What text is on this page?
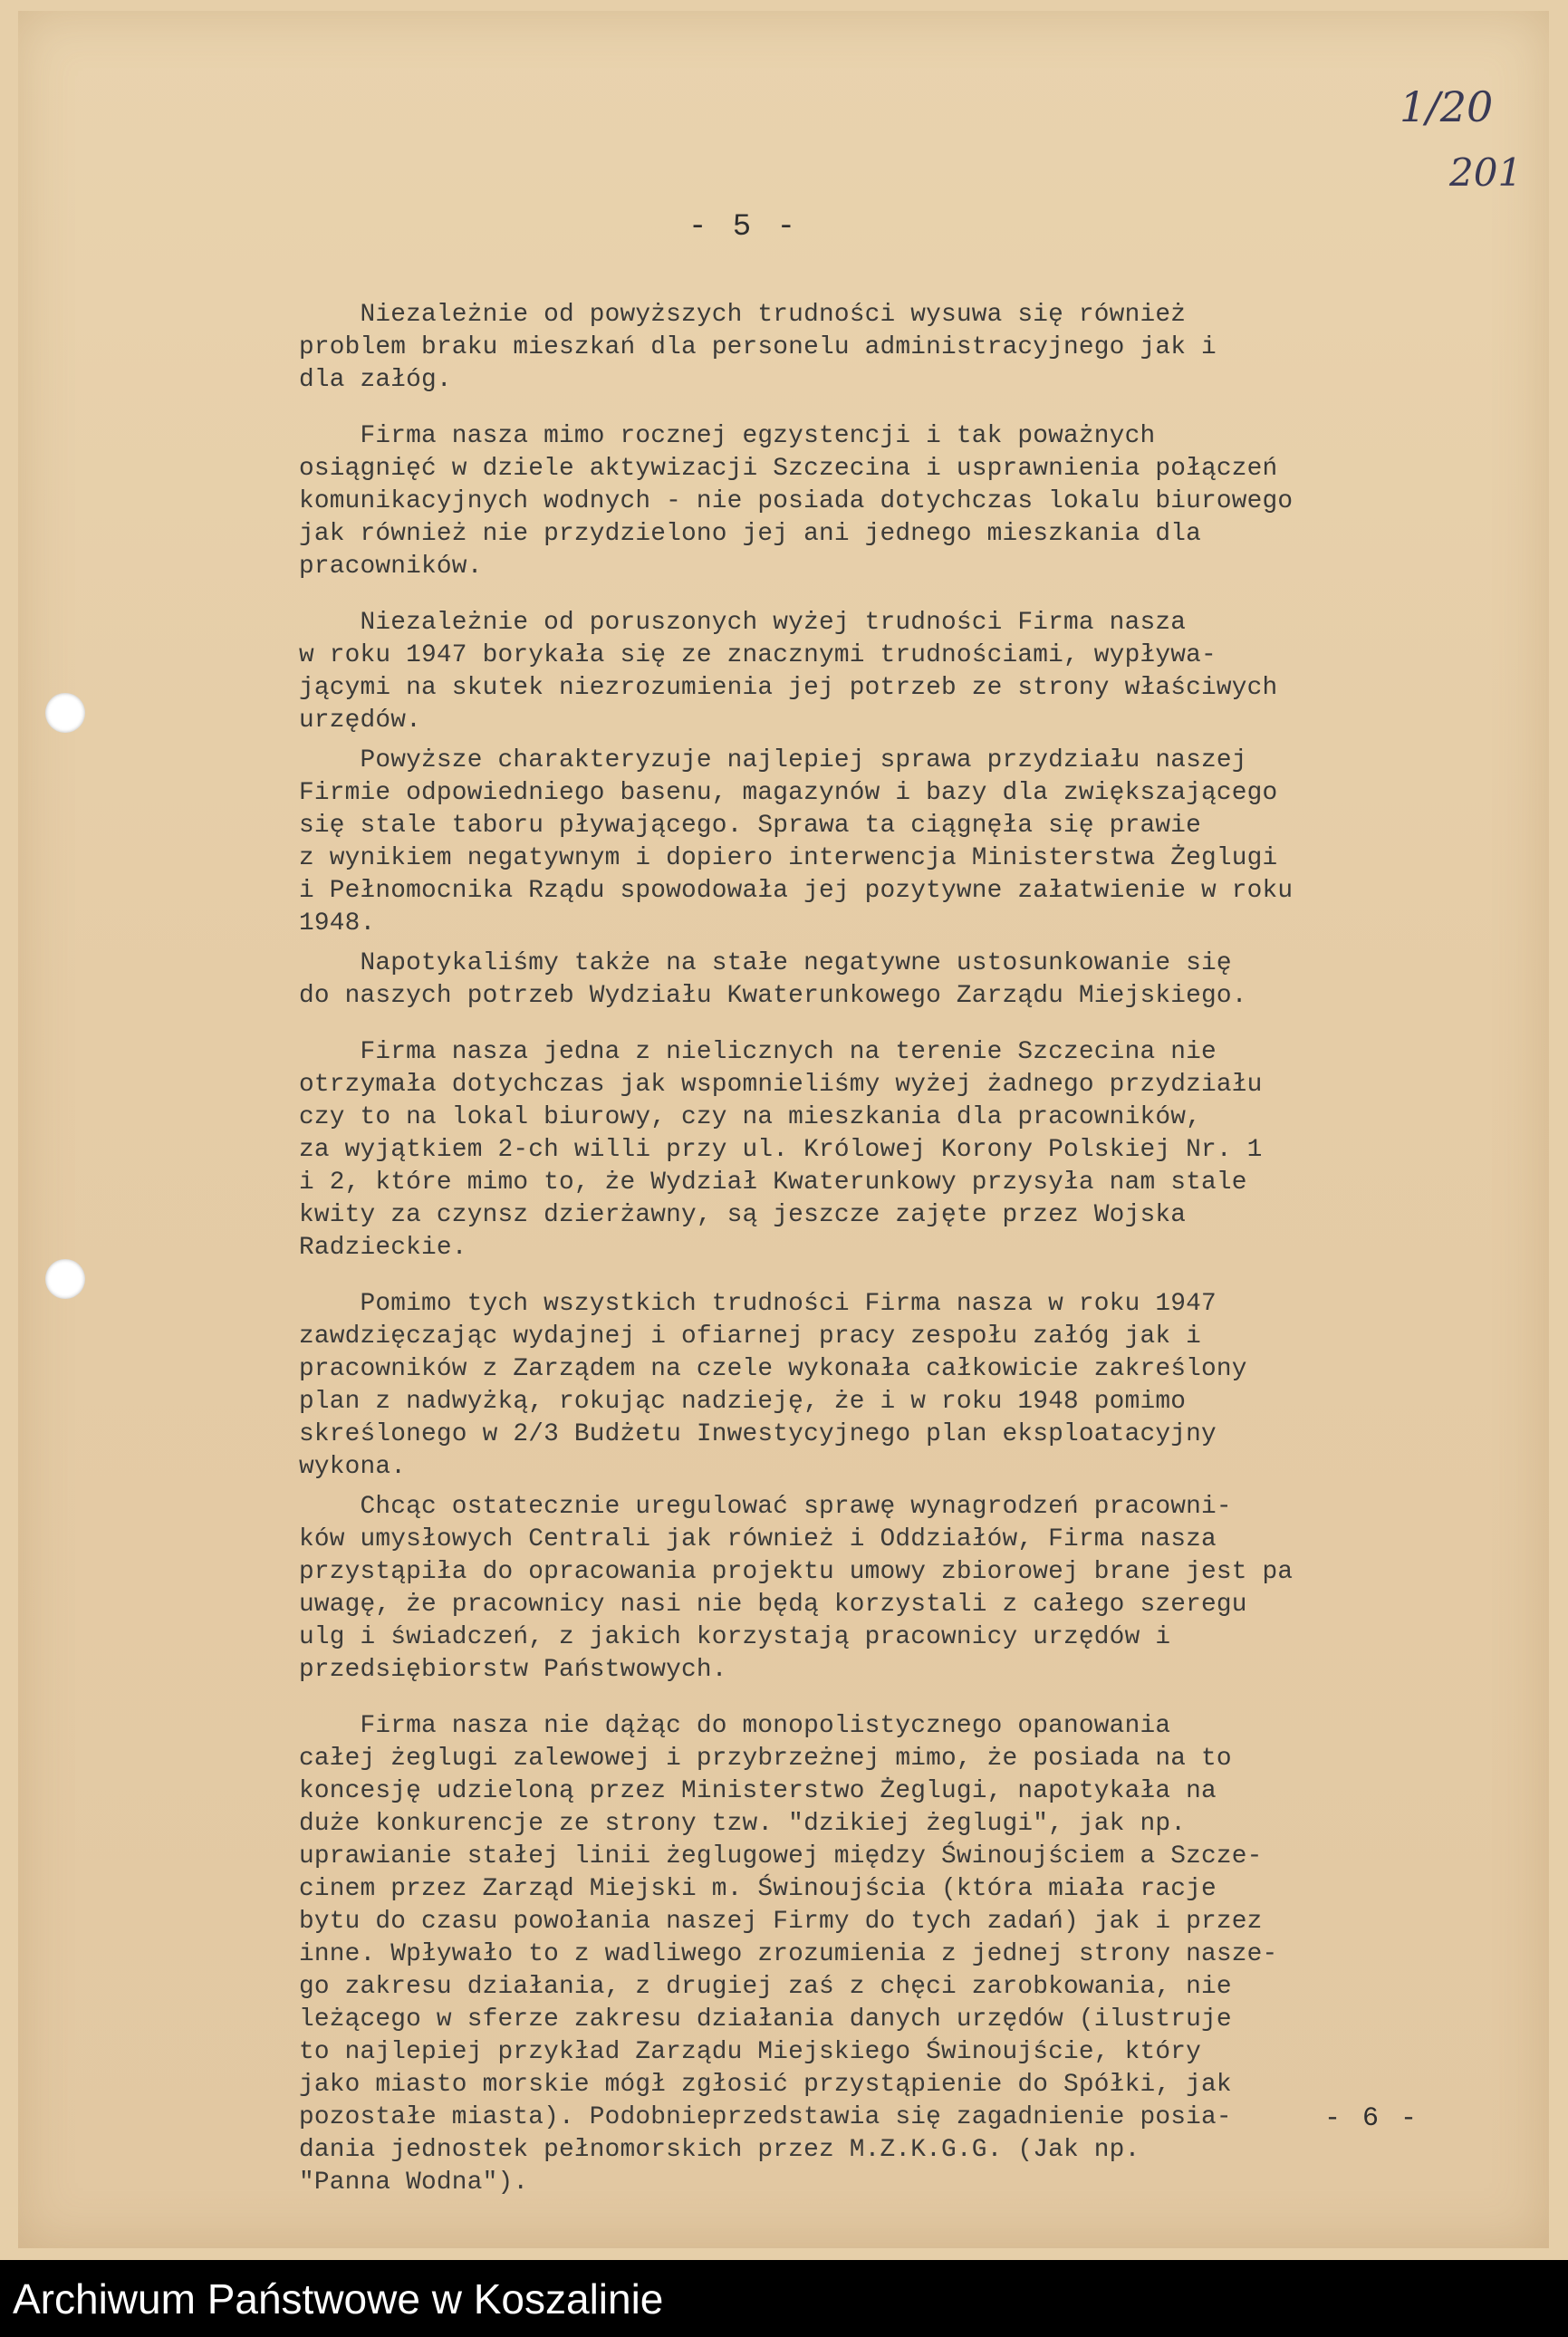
1/20
201
- 5 -
Niezależnie od powyższych trudności wysuwa się również
problem braku mieszkań dla personelu administracyjnego jak i
dla załóg.
Firma nasza mimo rocznej egzystencji i tak poważnych
osiągnięć w dziele aktywizacji Szczecina i usprawnienia połączeń
komunikacyjnych wodnych - nie posiada dotychczas lokalu biurowego
jak również nie przydzielono jej ani jednego mieszkania dla
pracowników.
Niezależnie od poruszonych wyżej trudności Firma nasza
w roku 1947 borykała się ze znacznymi trudnościami, wypływa-
jącymi na skutek niezrozumienia jej potrzeb ze strony właściwych
urzędów.
Powyższe charakteryzuje najlepiej sprawa przydziału naszej
Firmie odpowiedniego basenu, magazynów i bazy dla zwiększającego
się stale taboru pływającego. Sprawa ta ciągnęła się prawie
z wynikiem negatywnym i dopiero interwencja Ministerstwa Żeglugi
i Pełnomocnika Rządu spowodowała jej pozytywne załatwienie w roku
1948.
Napotykaliśmy także na stałe negatywne ustosunkowanie się
do naszych potrzeb Wydziału Kwaterunkowego Zarządu Miejskiego.
Firma nasza jedna z nielicznych na terenie Szczecina nie
otrzymała dotychczas jak wspomnieliśmy wyżej żadnego przydziału
czy to na lokal biurowy, czy na mieszkania dla pracowników,
za wyjątkiem 2-ch willi przy ul. Królowej Korony Polskiej Nr. 1
i 2, które mimo to, że Wydział Kwaterunkowy przysyła nam stale
kwity za czynsz dzierżawny, są jeszcze zajęte przez Wojska
Radzieckie.
Pomimo tych wszystkich trudności Firma nasza w roku 1947
zawdzięczając wydajnej i ofiarnej pracy zespołu załóg jak i
pracowników z Zarządem na czele wykonała całkowicie zakreślony
plan z nadwyżką, rokując nadzieję, że i w roku 1948 pomimo
skreślonego w 2/3 Budżetu Inwestycyjnego plan eksploatacyjny
wykona.
Chcąc ostatecznie uregulować sprawę wynagrodzeń pracowni-
ków umysłowych Centrali jak również i Oddziałów, Firma nasza
przystąpiła do opracowania projektu umowy zbiorowej brane jest pa
uwagę, że pracownicy nasi nie będą korzystali z całego szeregu
ulg i świadczeń, z jakich korzystają pracownicy urzędów i
przedsiębiorstw Państwowych.
Firma nasza nie dążąc do monopolistycznego opanowania
całej żeglugi zalewowej i przybrzeżnej mimo, że posiada na to
koncesję udzieloną przez Ministerstwo Żeglugi, napotykała na
duże konkurencje ze strony tzw. "dzikiej żeglugi", jak np.
uprawianie stałej linii żeglugowej między Świnoujściem a Szcze-
cinem przez Zarząd Miejski m. Świnoujścia (która miała racje
bytu do czasu powołania naszej Firmy do tych zadań) jak i przez
inne. Wpływało to z wadliwego zrozumienia z jednej strony nasze-
go zakresu działania, z drugiej zaś z chęci zarobkowania, nie
leżącego w sferze zakresu działania danych urzędów (ilustruje
to najlepiej przykład Zarządu Miejskiego Świnoujście, który
jako miasto morskie mógł zgłosić przystąpienie do Spółki, jak
pozostałe miasta). Podobnieprzedstawia się zagadnienie posia-
dania jednostek pełnomorskich przez M.Z.K.G.G. (Jak np.
"Panna Wodna").
- 6 -
Archiwum Państwowe w Koszalinie
